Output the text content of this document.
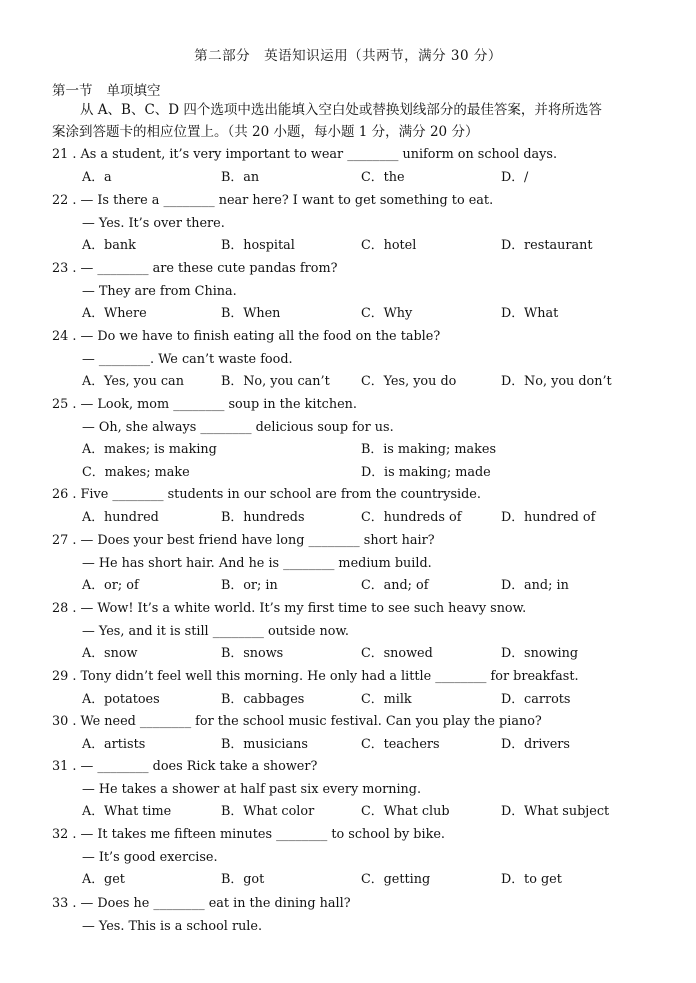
第二部分　英语知识运用（共两节，满分 30 分）
第一节 单项填空
从 A、B、C、D 四个选项中选出能填入空白处或替换划线部分的最佳答案，并将所选答
案涂到答题卡的相应位置上。（共 20 小题，每小题 1 分，满分 20 分）
21 . As a student, it’s very important to wear ________ uniform on school days.
A．a	B．an	C．the	D．/
22 . — Is there a ________ near here? I want to get something to eat.
— Yes. It’s over there.
A．bank	B．hospital	C．hotel	D．restaurant
23 . — ________ are these cute pandas from?
— They are from China.
A．Where	B．When	C．Why	D．What
24 . — Do we have to finish eating all the food on the table?
— ________. We can’t waste food.
A．Yes, you can	B．No, you can’t C．Yes, you do	D．No, you don’t
25 . — Look, mom ________ soup in the kitchen.
— Oh, she always ________ delicious soup for us.
A．makes; is making	B．is making; makes
C．makes; make	D．is making; made
26 . Five ________ students in our school are from the countryside.
A．hundred	B．hundreds	C．hundreds of	D．hundred of
27 . — Does your best friend have long ________ short hair?
— He has short hair. And he is ________ medium build.
A．or; of	B．or; in	C．and; of	D．and; in
28 . — Wow! It’s a white world. It’s my first time to see such heavy snow.
— Yes, and it is still ________ outside now.
A．snow	B．snows	C．snowed	D．snowing
29 . Tony didn’t feel well this morning. He only had a little ________ for breakfast.
A．potatoes	B．cabbages	C．milk	D．carrots
30 . We need ________ for the school music festival. Can you play the piano?
A．artists	B．musicians	C．teachers	D．drivers
31 . — ________ does Rick take a shower?
— He takes a shower at half past six every morning.
A．What time	B．What color	C．What club	D．What subject
32 . — It takes me fifteen minutes ________ to school by bike.
— It’s good exercise.
A．get	B．got	C．getting	D．to get
33 . — Does he ________ eat in the dining hall?
— Yes. This is a school rule.
